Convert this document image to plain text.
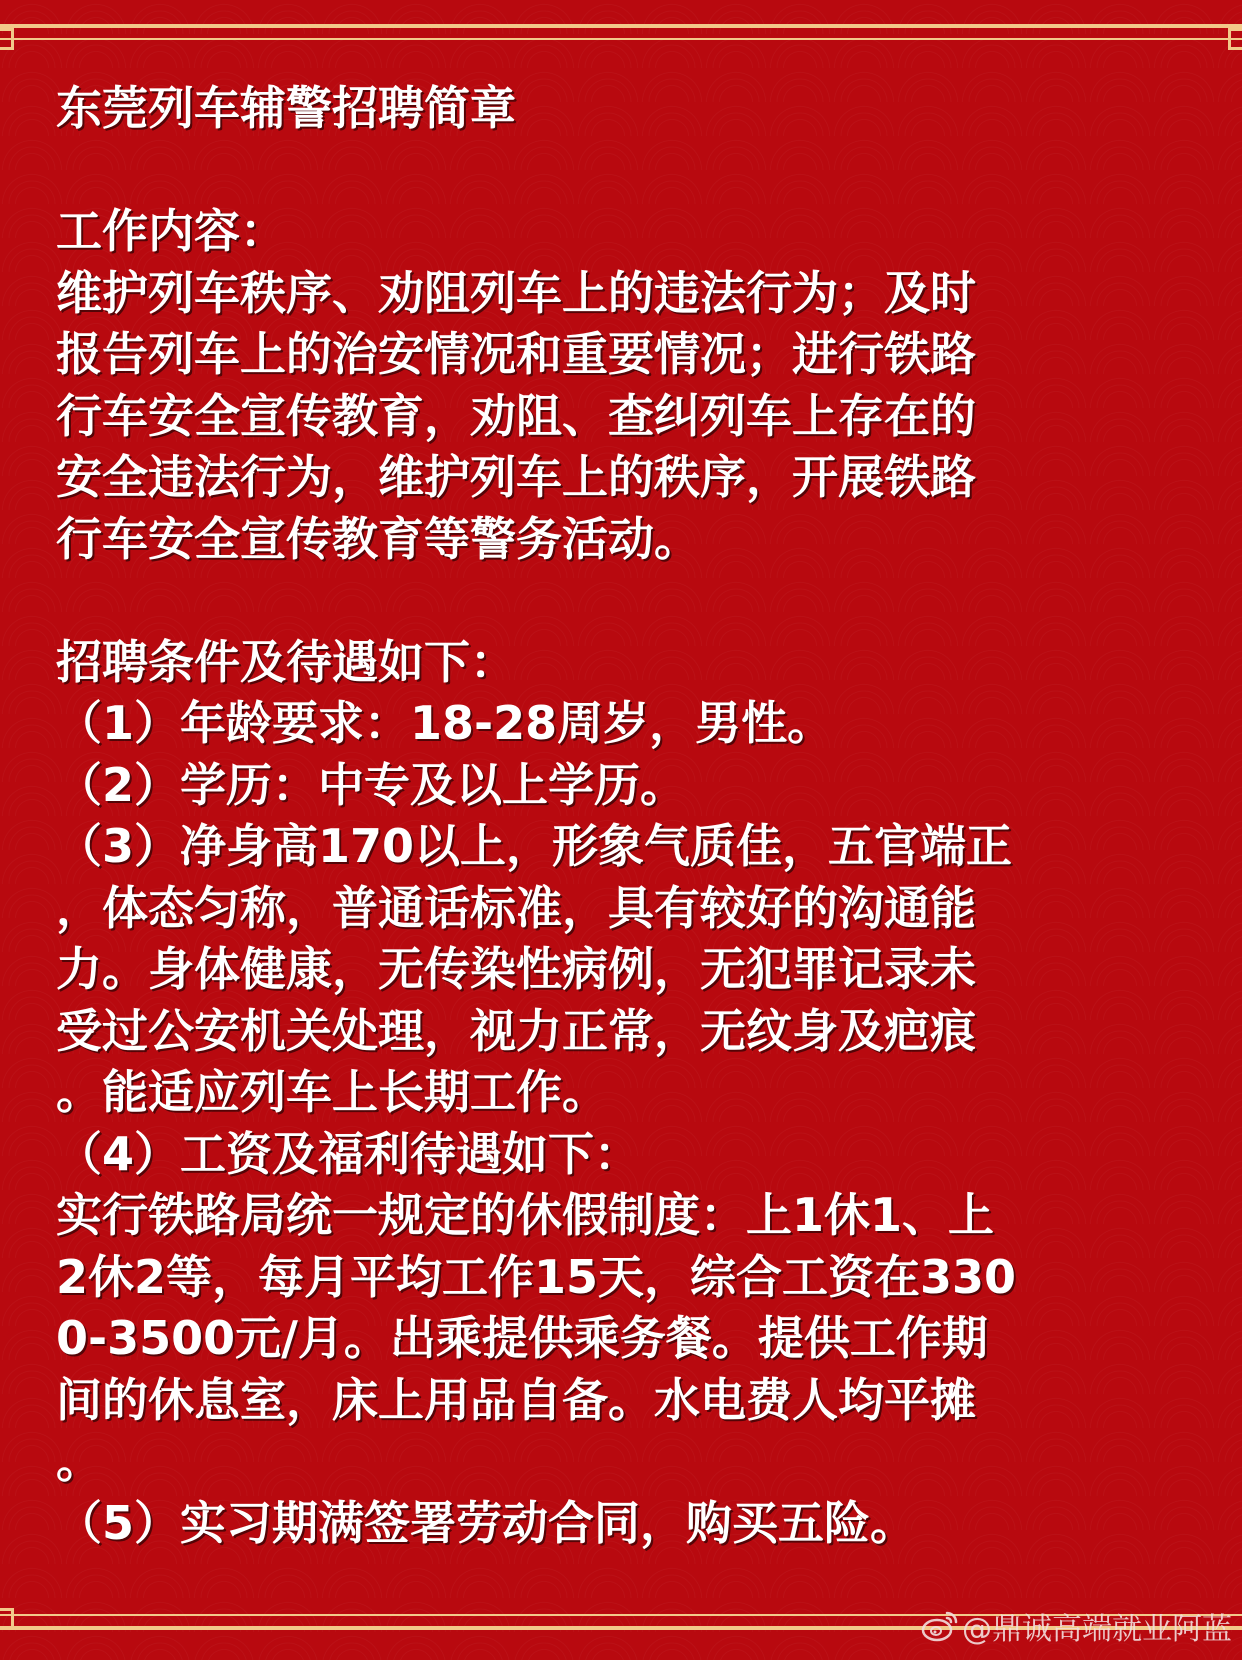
东莞列车辅警招聘简章
工作内容：
维护列车秩序、劝阻列车上的违法行为；及时
报告列车上的治安情况和重要情况；进行铁路
行车安全宣传教育，劝阻、查纠列车上存在的
安全违法行为，维护列车上的秩序，开展铁路
行车安全宣传教育等警务活动。
招聘条件及待遇如下：
（1）年龄要求：18-28周岁，男性。
（2）学历：中专及以上学历。
（3）净身高170以上，形象气质佳，五官端正
，体态匀称，普通话标准，具有较好的沟通能
力。身体健康，无传染性病例，无犯罪记录未
受过公安机关处理，视力正常，无纹身及疤痕
。能适应列车上长期工作。
（4）工资及福利待遇如下：
实行铁路局统一规定的休假制度：上1休1、上
2休2等，每月平均工作15天，综合工资在330
0-3500元/月。出乘提供乘务餐。提供工作期
间的休息室，床上用品自备。水电费人均平摊
。
（5）实习期满签署劳动合同，购买五险。
@鼎诚高端就业阿蓝
